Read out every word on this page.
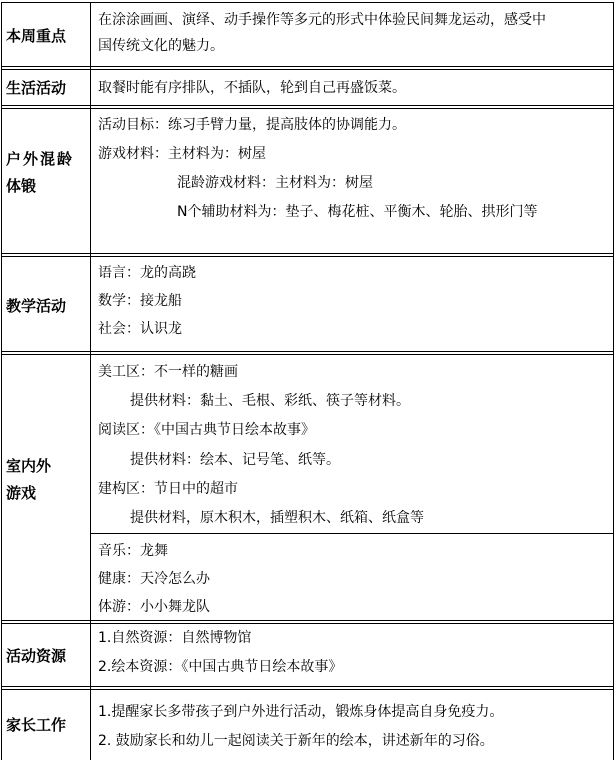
本周重点
在涂涂画画、演绎、动手操作等多元的形式中体验民间舞龙运动，感受中
国传统文化的魅力。
生活活动	取餐时能有序排队，不插队，轮到自己再盛饭菜。
户外混龄
体锻
活动目标：练习手臂力量，提高肢体的协调能力。
游戏材料：主材料为：树屋
混龄游戏材料：主材料为：树屋
N个辅助材料为：垫子、梅花桩、平衡木、轮胎、拱形门等
教学活动
语言：龙的高跷
数学：接龙船
社会：认识龙
室内外
游戏
美工区：不一样的糖画
提供材料：黏土、毛根、彩纸、筷子等材料。
阅读区：《中国古典节日绘本故事》
提供材料：绘本、记号笔、纸等。
建构区：节日中的超市
提供材料，原木积木，插塑积木、纸箱、纸盒等
音乐：龙舞
健康：天冷怎么办
体游：小小舞龙队
活动资源
1.自然资源：自然博物馆
2.绘本资源：《中国古典节日绘本故事》
家长工作
1.提醒家长多带孩子到户外进行活动，锻炼身体提高自身免疫力。
2. 鼓励家长和幼儿一起阅读关于新年的绘本，讲述新年的习俗。
